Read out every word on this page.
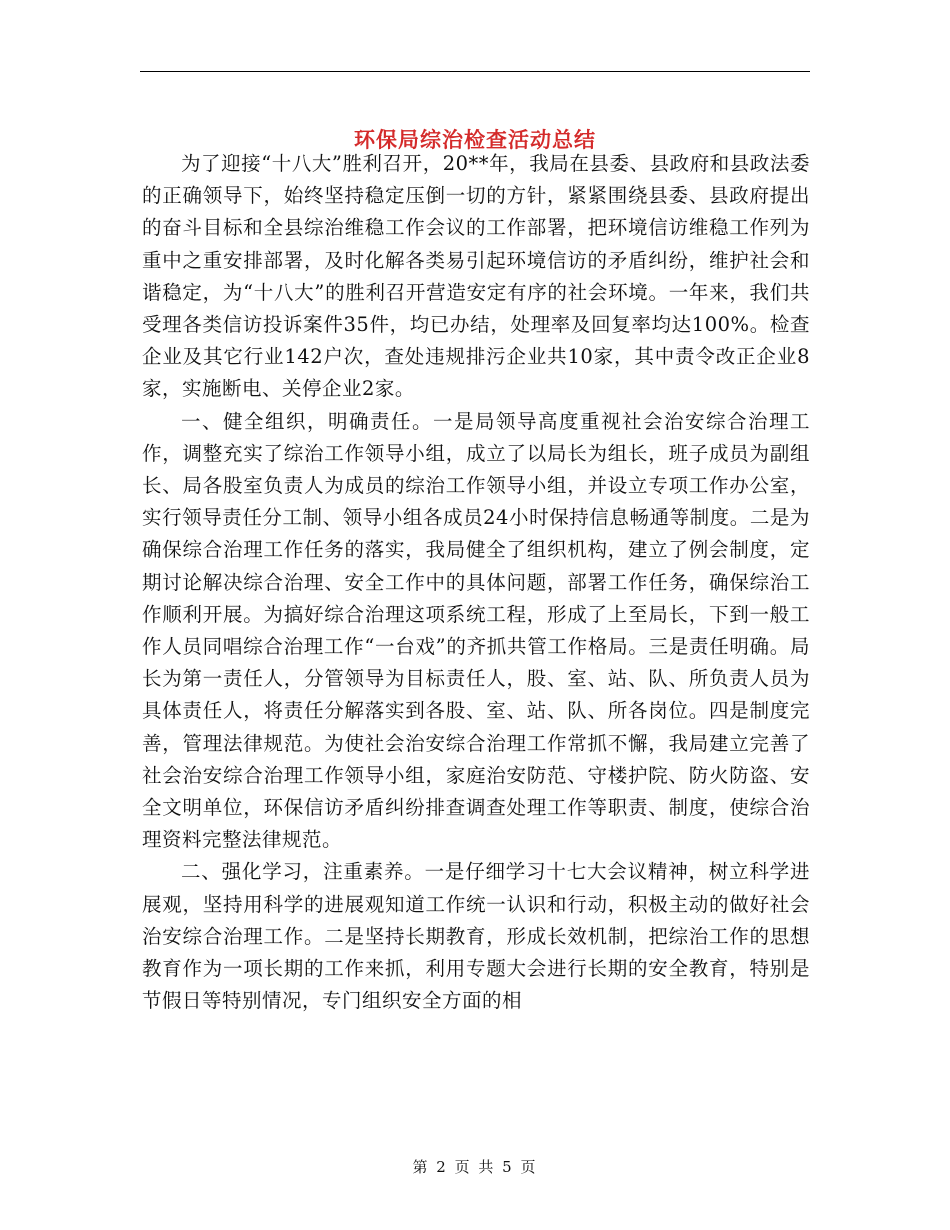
环保局综治检查活动总结

为了迎接“十八大”胜利召开，20**年，我局在县委、县政府和县政法委的正确领导下，始终坚持稳定压倒一切的方针，紧紧围绕县委、县政府提出的奋斗目标和全县综治维稳工作会议的工作部署，把环境信访维稳工作列为重中之重安排部署，及时化解各类易引起环境信访的矛盾纠纷，维护社会和谐稳定，为“十八大”的胜利召开营造安定有序的社会环境。一年来，我们共受理各类信访投诉案件35件，均已办结，处理率及回复率均达100%。检查企业及其它行业142户次，查处违规排污企业共10家，其中责令改正企业8家，实施断电、关停企业2家。

一、健全组织，明确责任。一是局领导高度重视社会治安综合治理工作，调整充实了综治工作领导小组，成立了以局长为组长，班子成员为副组长、局各股室负责人为成员的综治工作领导小组，并设立专项工作办公室，实行领导责任分工制、领导小组各成员24小时保持信息畅通等制度。二是为确保综合治理工作任务的落实，我局健全了组织机构，建立了例会制度，定期讨论解决综合治理、安全工作中的具体问题，部署工作任务，确保综治工作顺利开展。为搞好综合治理这项系统工程，形成了上至局长，下到一般工作人员同唱综合治理工作“一台戏”的齐抓共管工作格局。三是责任明确。局长为第一责任人，分管领导为目标责任人，股、室、站、队、所负责人员为具体责任人，将责任分解落实到各股、室、站、队、所各岗位。四是制度完善，管理法律规范。为使社会治安综合治理工作常抓不懈，我局建立完善了社会治安综合治理工作领导小组，家庭治安防范、守楼护院、防火防盗、安全文明单位，环保信访矛盾纠纷排查调查处理工作等职责、制度，使综合治理资料完整法律规范。

二、强化学习，注重素养。一是仔细学习十七大会议精神，树立科学进展观，坚持用科学的进展观知道工作统一认识和行动，积极主动的做好社会治安综合治理工作。二是坚持长期教育，形成长效机制，把综治工作的思想教育作为一项长期的工作来抓，利用专题大会进行长期的安全教育，特别是节假日等特别情况，专门组织安全方面的相

第 2 页 共 5 页
